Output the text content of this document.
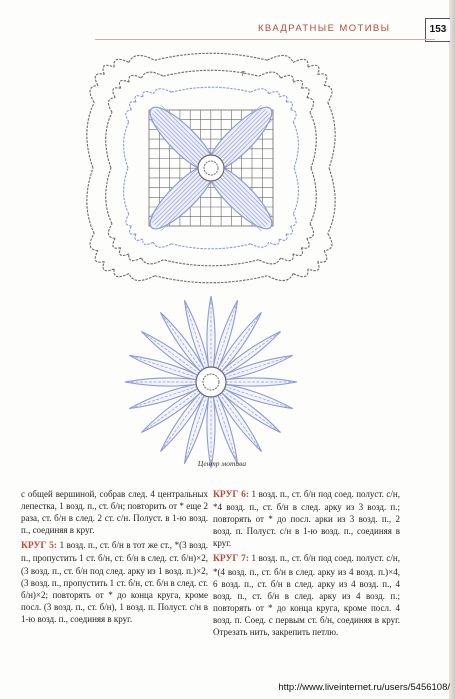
КВАДРАТНЫЕ МОТИВЫ	153
7
Центр мотива

с общей вершиной, собрав след. 4 центральных лепестка, 1 возд. п., ст. б/н; повторить от * еще 2 раза, ст. б/н в след. 2 ст. с/н. Полуст. в 1-ю возд. п., соединяя в круг.

КРУГ 5: 1 возд. п., ст. б/н в тот же ст., *(3 возд. п., пропустить 1 ст. б/н, ст. б/н в след. ст. б/н)×2, (3 возд. п., ст. б/н под след. арку из 1 возд. п.)×2, (3 возд. п., пропустить 1 ст. б/н, ст. б/н в след. ст. б/н)×2; повторять от * до конца круга, кроме посл. (3 возд. п., ст. б/н), 1 возд. п. Полуст. с/н в 1-ю возд. п., соединяя в круг.

КРУГ 6: 1 возд. п., ст. б/н под соед. полуст. с/н, *4 возд. п., ст. б/н в след. арку из 3 возд. п.; повторять от * до посл. арки из 3 возд. п., 2 возд. п. Полуст. с/н в 1-ю возд. п., соединяя в круг.

КРУГ 7: 1 возд. п., ст. б/н под соед. полуст. с/н, *(4 возд. п., ст. б/н в след. арку из 4 возд. п.)×4, 6 возд. п., ст. б/н в след. арку из 4 возд. п., 4 возд. п., ст. б/н в след. арку из 4 возд. п.; повторять от * до конца круга, кроме посл. 4 возд. п. Соед. с первым ст. б/н, соединяя в круг. Отрезать нить, закрепить петлю.

http://www.liveinternet.ru/users/5456108/
